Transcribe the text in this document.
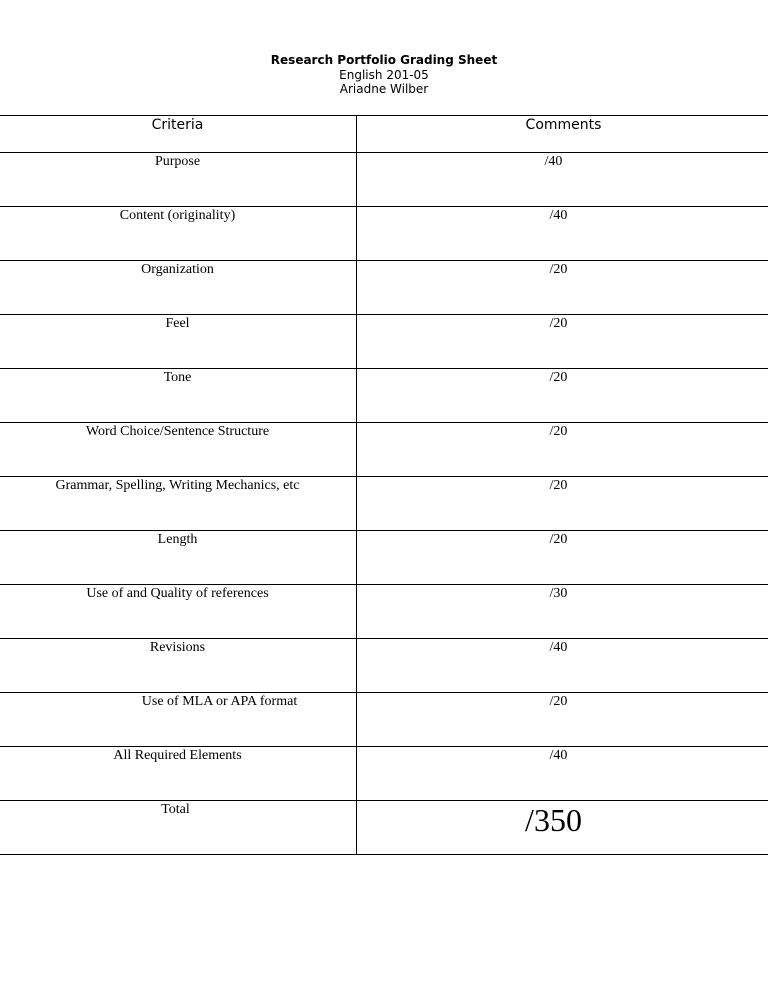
Research Portfolio Grading Sheet
English 201-05
Ariadne Wilber
Criteria	Comments

Purpose	/40

Content (originality)	/40

Organization	/20

Feel	/20

Tone	/20

Word Choice/Sentence Structure	/20

Grammar, Spelling, Writing Mechanics, etc	/20

Length	/20

Use of and Quality of references	/30

Revisions	/40

Use of MLA or APA format	/20

All Required Elements	/40

Total	/350
